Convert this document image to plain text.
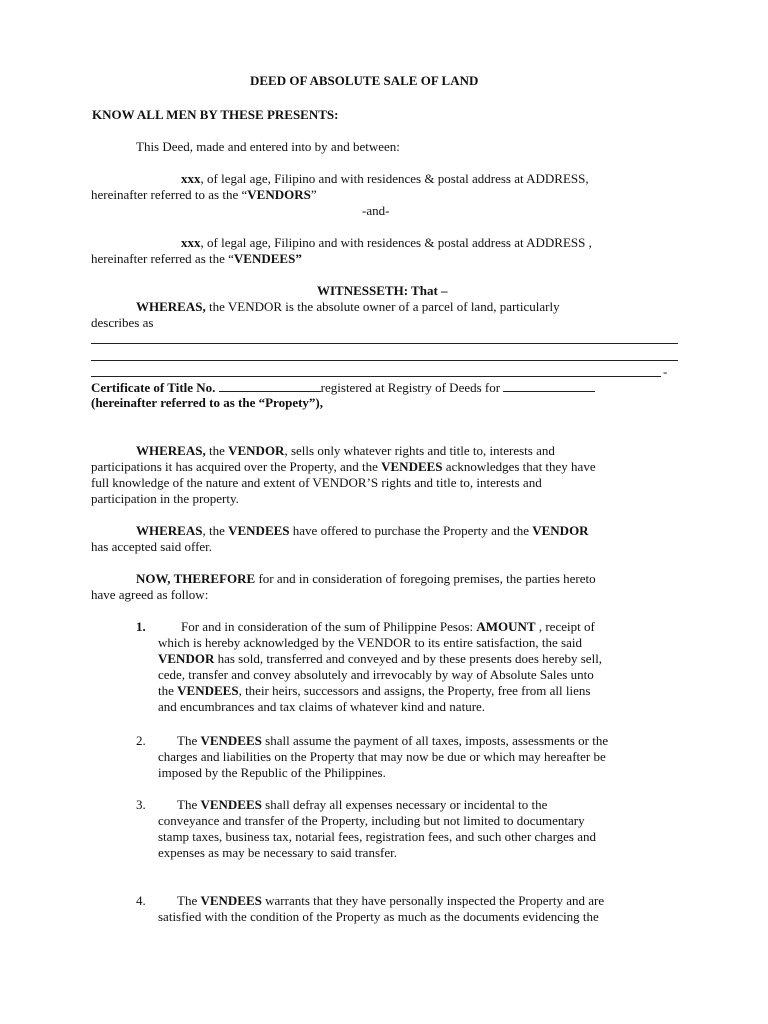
DEED OF ABSOLUTE SALE OF LAND
KNOW ALL MEN BY THESE PRESENTS:
This Deed, made and entered into by and between:
xxx, of legal age, Filipino and with residences & postal address at ADDRESS,
hereinafter referred to as the “VENDORS”
-and-
xxx, of legal age, Filipino and with residences & postal address at ADDRESS ,
hereinafter referred as the “VENDEES”
WITNESSETH: That –
WHEREAS, the VENDOR is the absolute owner of a parcel of land, particularly
describes as
-
Certificate of Title No.	registered at Registry of Deeds for
(hereinafter referred to as the “Propety”),
WHEREAS, the VENDOR, sells only whatever rights and title to, interests and
participations it has acquired over the Property, and the VENDEES acknowledges that they have
full knowledge of the nature and extent of VENDOR’S rights and title to, interests and
participation in the property.
WHEREAS, the VENDEES have offered to purchase the Property and the VENDOR
has accepted said offer.
NOW, THEREFORE for and in consideration of foregoing premises, the parties hereto
have agreed as follow:
1.	For and in consideration of the sum of Philippine Pesos: AMOUNT , receipt of
which is hereby acknowledged by the VENDOR to its entire satisfaction, the said
VENDOR has sold, transferred and conveyed and by these presents does hereby sell,
cede, transfer and convey absolutely and irrevocably by way of Absolute Sales unto
the VENDEES, their heirs, successors and assigns, the Property, free from all liens
and encumbrances and tax claims of whatever kind and nature.
2. The VENDEES shall assume the payment of all taxes, imposts, assessments or the
charges and liabilities on the Property that may now be due or which may hereafter be
imposed by the Republic of the Philippines.
3. The VENDEES shall defray all expenses necessary or incidental to the
conveyance and transfer of the Property, including but not limited to documentary
stamp taxes, business tax, notarial fees, registration fees, and such other charges and
expenses as may be necessary to said transfer.
4. The VENDEES warrants that they have personally inspected the Property and are
satisfied with the condition of the Property as much as the documents evidencing the
